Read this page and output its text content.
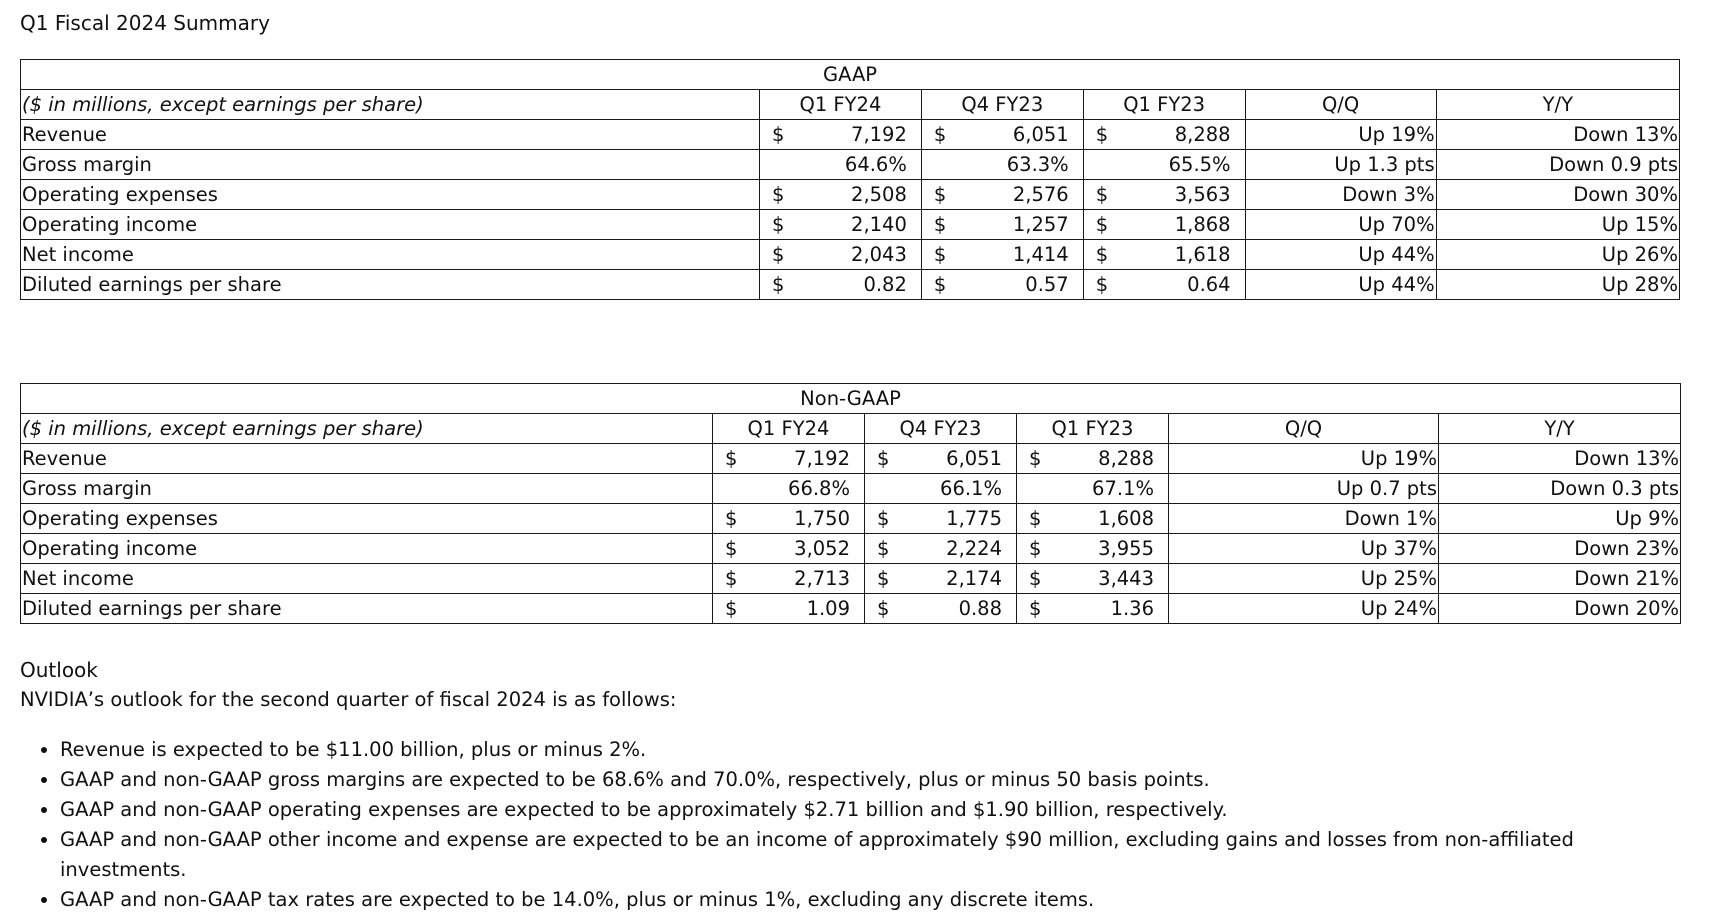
Q1 Fiscal 2024 Summary
GAAP								
($ in millions, except earnings per share)	Q1 FY24		Q4 FY23		Q1 FY23		Q/Q	Y/Y
Revenue	$	7,192	$	6,051	$	8,288	Up 19%	Down 13%
Gross margin		64.6%		63.3%		65.5%	Up 1.3 pts	Down 0.9 pts
Operating expenses	$	2,508	$	2,576	$	3,563	Down 3%	Down 30%
Operating income	$	2,140	$	1,257	$	1,868	Up 70%	Up 15%
Net income	$	2,043	$	1,414	$	1,618	Up 44%	Up 26%
Diluted earnings per share	$	0.82	$	0.57	$	0.64	Up 44%	Up 28%
Non-GAAP								
($ in millions, except earnings per share)	Q1 FY24		Q4 FY23		Q1 FY23		Q/Q	Y/Y
Revenue	$	7,192	$	6,051	$	8,288	Up 19%	Down 13%
Gross margin		66.8%		66.1%		67.1%	Up 0.7 pts	Down 0.3 pts
Operating expenses	$	1,750	$	1,775	$	1,608	Down 1%	Up 9%
Operating income	$	3,052	$	2,224	$	3,955	Up 37%	Down 23%
Net income	$	2,713	$	2,174	$	3,443	Up 25%	Down 21%
Diluted earnings per share	$	1.09	$	0.88	$	1.36	Up 24%	Down 20%
Outlook
NVIDIA’s outlook for the second quarter of fiscal 2024 is as follows:
• Revenue is expected to be $11.00 billion, plus or minus 2%.
• GAAP and non-GAAP gross margins are expected to be 68.6% and 70.0%, respectively, plus or minus 50 basis points.
• GAAP and non-GAAP operating expenses are expected to be approximately $2.71 billion and $1.90 billion, respectively.
• GAAP and non-GAAP other income and expense are expected to be an income of approximately $90 million, excluding gains and losses from non-affiliated investments.
• GAAP and non-GAAP tax rates are expected to be 14.0%, plus or minus 1%, excluding any discrete items.
